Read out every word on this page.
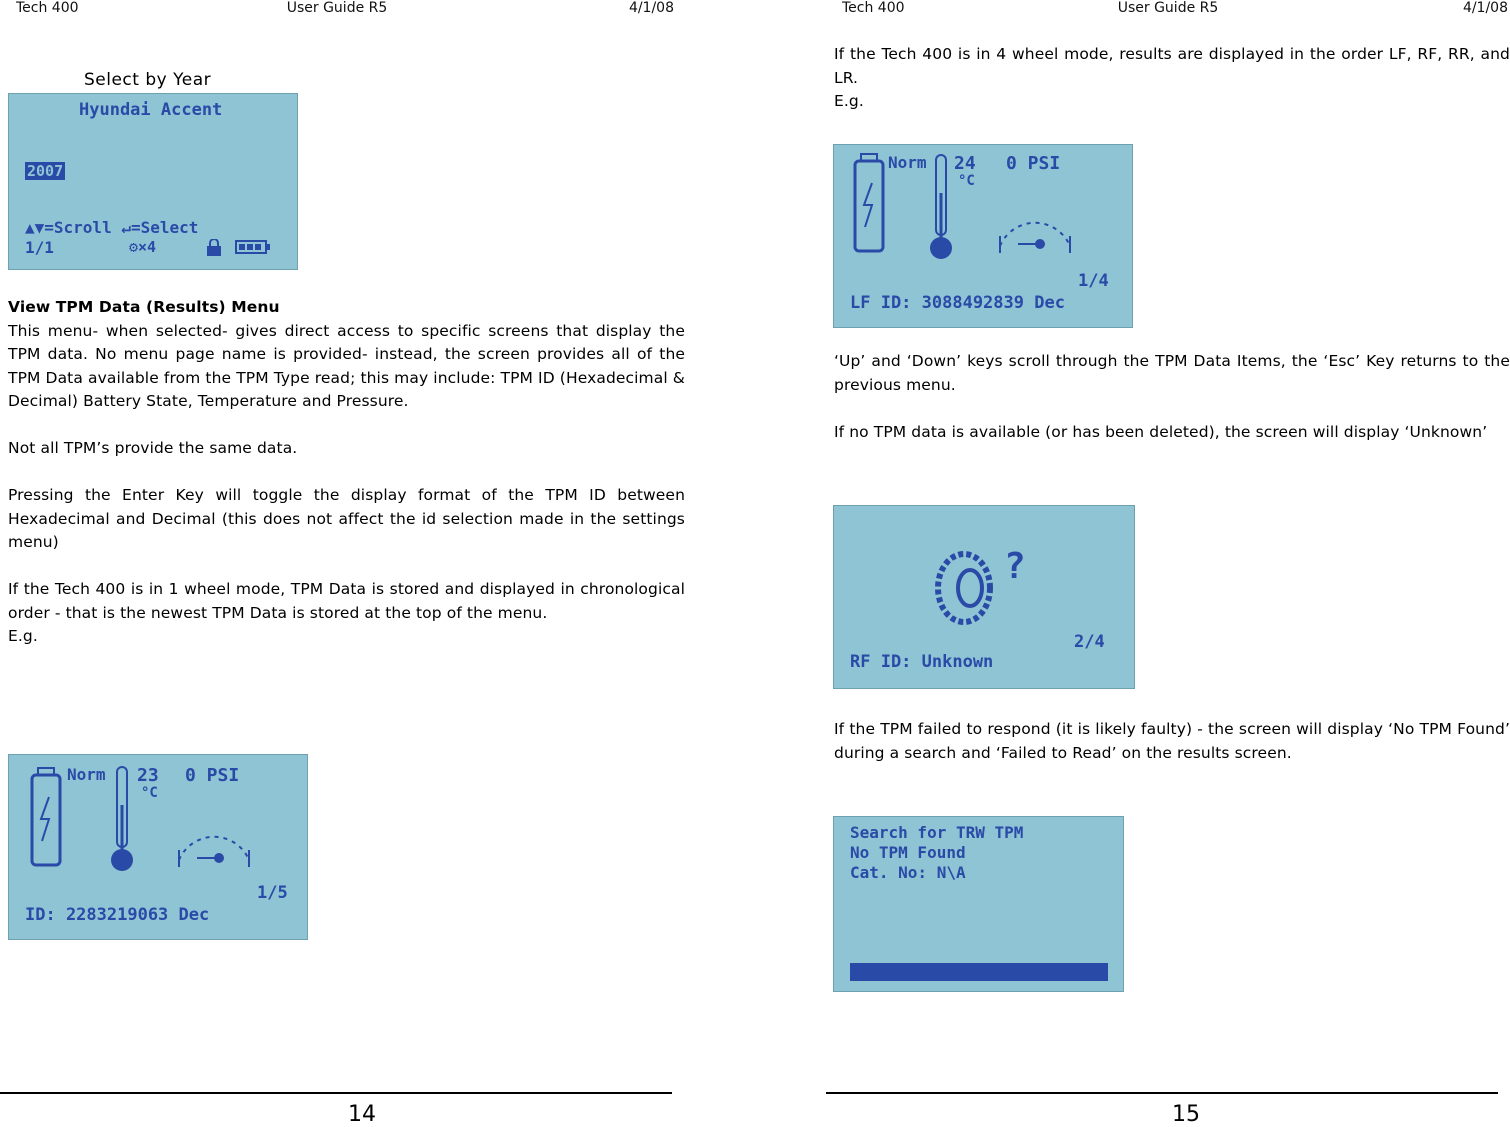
Tech 400	User Guide R5	4/1/08
Select by Year
Hyundai Accent
2007
▲▼=Scroll ↵=Select
1/1	⚙×4

View TPM Data (Results) Menu

This menu- when selected- gives direct access to specific screens that display the TPM data. No menu page name is provided- instead, the screen provides all of the TPM Data available from the TPM Type read; this may include: TPM ID (Hexadecimal & Decimal) Battery State, Temperature and Pressure.

Not all TPM’s provide the same data.

Pressing the Enter Key will toggle the display format of the TPM ID between Hexadecimal and Decimal (this does not affect the id selection made in the settings menu)

If the Tech 400 is in 1 wheel mode, TPM Data is stored and displayed in chronological order - that is the newest TPM Data is stored at the top of the menu.

E.g.

Norm 23
°C
0 PSI
1/5
ID: 2283219063 Dec
14
Tech 400	User Guide R5	4/1/08

If the Tech 400 is in 4 wheel mode, results are displayed in the order LF, RF, RR, and LR.

E.g.

Norm 24
°C
0 PSI
1/4
LF ID: 3088492839 Dec

‘Up’ and ‘Down’ keys scroll through the TPM Data Items, the ‘Esc’ Key returns to the previous menu.

If no TPM data is available (or has been deleted), the screen will display ‘Unknown’

?
2/4
RF ID: Unknown

If the TPM failed to respond (it is likely faulty) - the screen will display ‘No TPM Found’ during a search and ‘Failed to Read’ on the results screen.

Search for TRW TPM
No TPM Found
Cat. No: N\A
15
